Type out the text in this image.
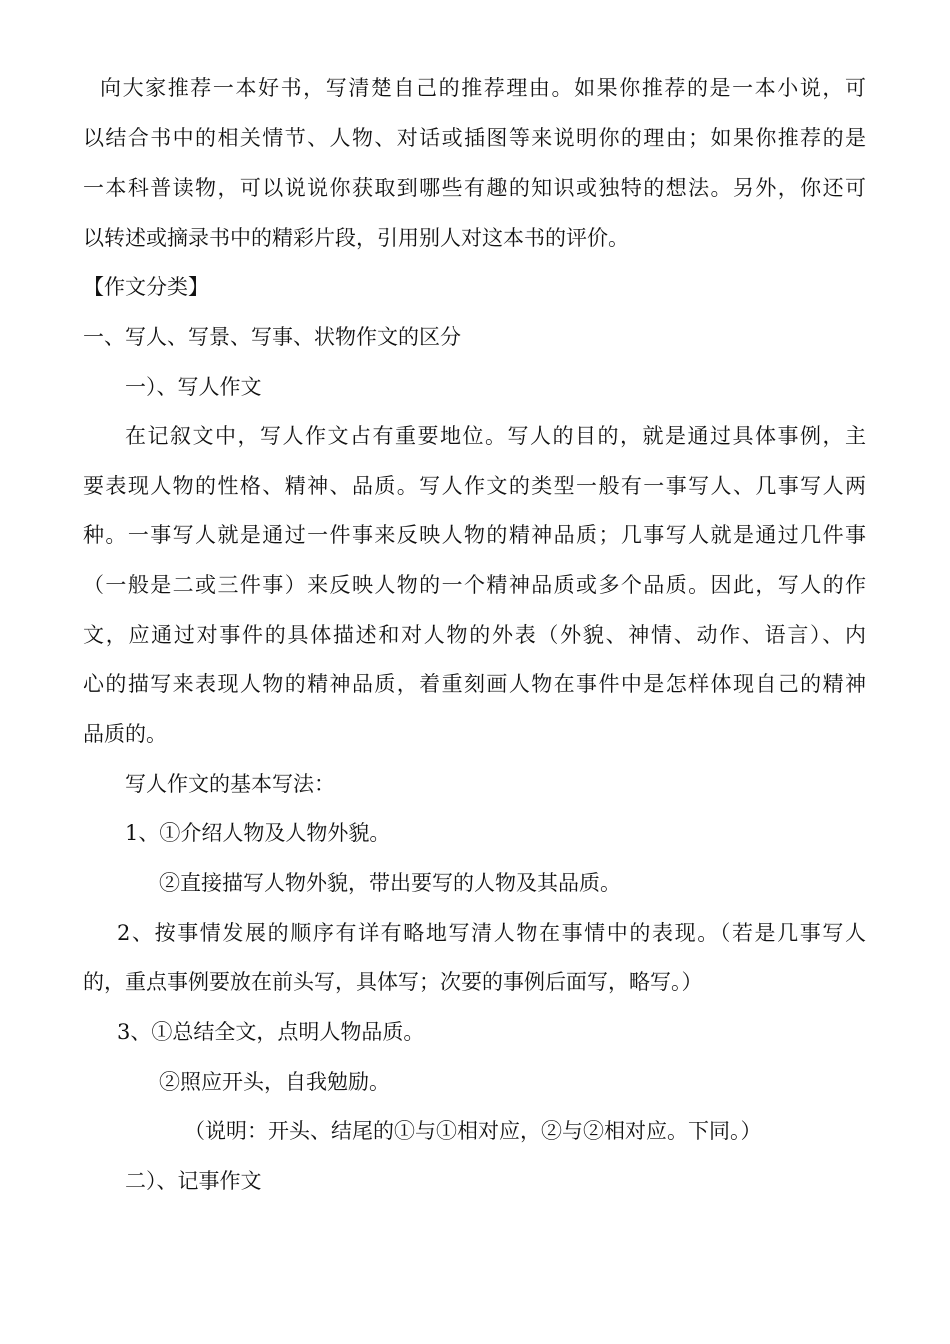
向大家推荐一本好书，写清楚自己的推荐理由。如果你推荐的是一本小说，可

以结合书中的相关情节、人物、对话或插图等来说明你的理由；如果你推荐的是

一本科普读物，可以说说你获取到哪些有趣的知识或独特的想法。另外，你还可

以转述或摘录书中的精彩片段，引用别人对这本书的评价。

【作文分类】

一、写人、写景、写事、状物作文的区分

一）、写人作文

在记叙文中，写人作文占有重要地位。写人的目的，就是通过具体事例，主

要表现人物的性格、精神、品质。写人作文的类型一般有一事写人、几事写人两

种。一事写人就是通过一件事来反映人物的精神品质；几事写人就是通过几件事

（一般是二或三件事）来反映人物的一个精神品质或多个品质。因此，写人的作

文，应通过对事件的具体描述和对人物的外表（外貌、神情、动作、语言）、内

心的描写来表现人物的精神品质，着重刻画人物在事件中是怎样体现自己的精神

品质的。

写人作文的基本写法：

1、①介绍人物及人物外貌。

②直接描写人物外貌，带出要写的人物及其品质。

2、按事情发展的顺序有详有略地写清人物在事情中的表现。（若是几事写人

的，重点事例要放在前头写，具体写；次要的事例后面写，略写。）

3、①总结全文，点明人物品质。

②照应开头，自我勉励。

（说明：开头、结尾的①与①相对应，②与②相对应。下同。）

二）、记事作文
